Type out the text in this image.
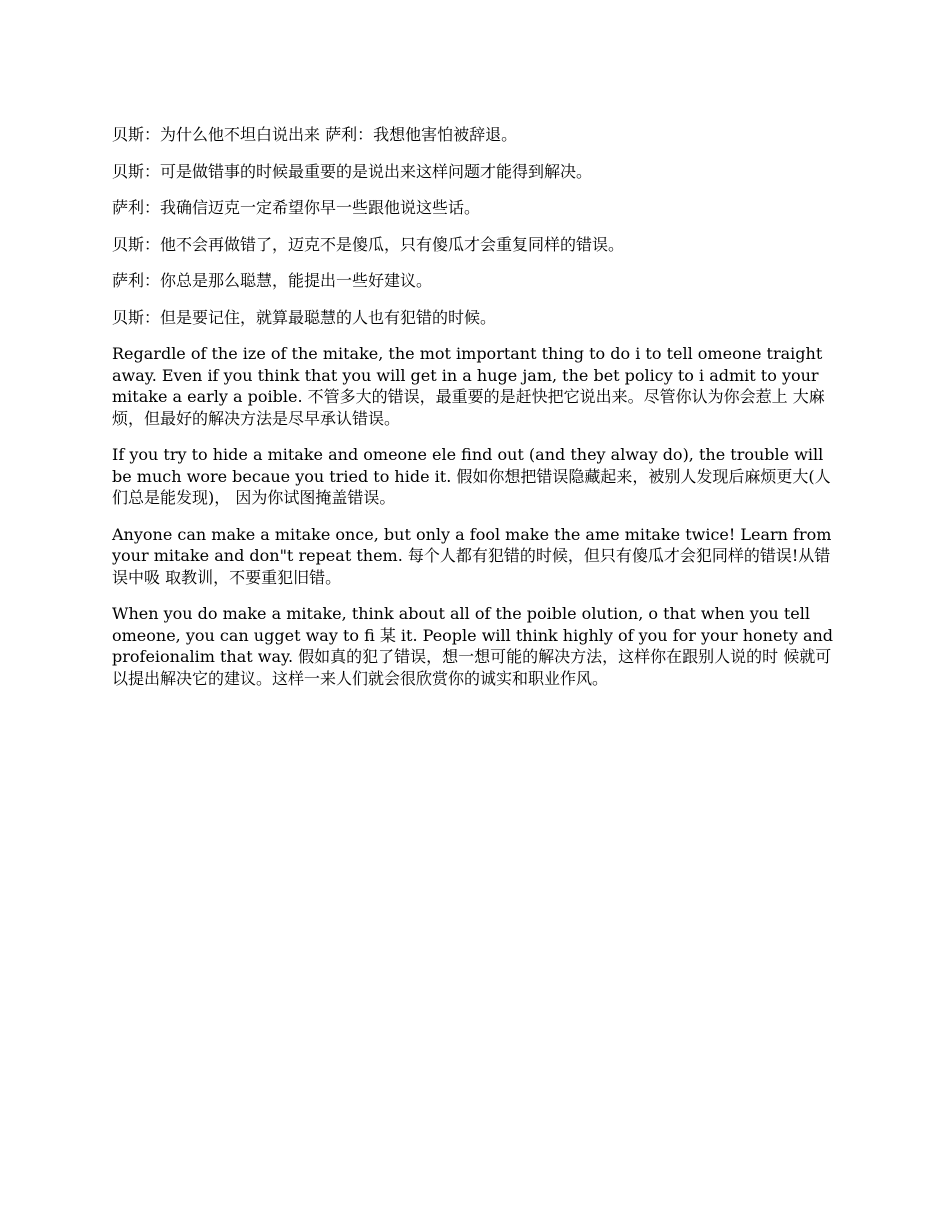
贝斯：为什么他不坦白说出来 萨利：我想他害怕被辞退。

贝斯：可是做错事的时候最重要的是说出来这样问题才能得到解决。

萨利：我确信迈克一定希望你早一些跟他说这些话。

贝斯：他不会再做错了，迈克不是傻瓜，只有傻瓜才会重复同样的错误。

萨利：你总是那么聪慧，能提出一些好建议。

贝斯：但是要记住，就算最聪慧的人也有犯错的时候。

Regardle of the ize of the mitake, the mot important thing to do i to tell omeone traight away. Even if you think that you will get in a huge jam, the bet policy to i admit to your mitake a early a poible. 不管多大的错误，最重要的是赶快把它说出来。尽管你认为你会惹上 大麻烦，但最好的解决方法是尽早承认错误。

If you try to hide a mitake and omeone ele find out (and they alway do), the trouble will be much wore becaue you tried to hide it. 假如你想把错误隐藏起来，被别人发现后麻烦更大(人们总是能发现)， 因为你试图掩盖错误。

Anyone can make a mitake once, but only a fool make the ame mitake twice! Learn from your mitake and don"t repeat them. 每个人都有犯错的时候，但只有傻瓜才会犯同样的错误!从错误中吸 取教训，不要重犯旧错。

When you do make a mitake, think about all of the poible olution, o that when you tell omeone, you can ugget way to fi 某 it. People will think highly of you for your honety and profeionalim that way. 假如真的犯了错误，想一想可能的解决方法，这样你在跟别人说的时 候就可以提出解决它的建议。这样一来人们就会很欣赏你的诚实和职业作风。
